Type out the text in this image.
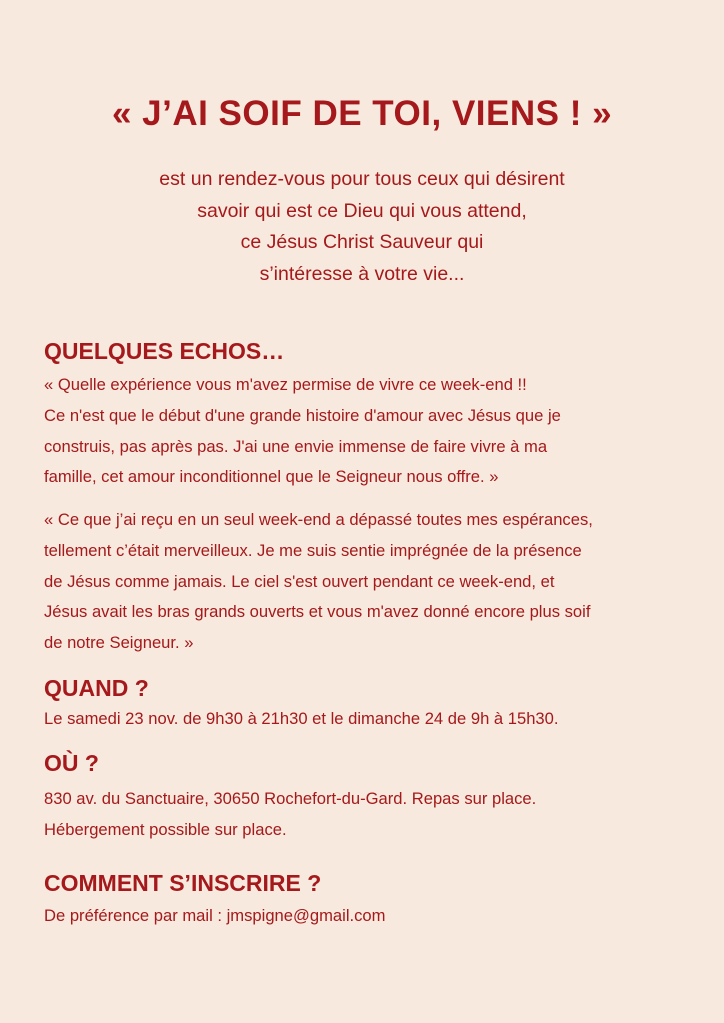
« J’AI SOIF DE TOI, VIENS ! »
est un rendez-vous pour tous ceux qui désirent
savoir qui est ce Dieu qui vous attend,
ce Jésus Christ Sauveur qui
s’intéresse à votre vie...
QUELQUES ECHOS…
« Quelle expérience vous m'avez permise de vivre ce week-end !!
Ce n'est que le début d'une grande histoire d'amour avec Jésus que je
construis, pas après pas. J'ai une envie immense de faire vivre à ma
famille, cet amour inconditionnel que le Seigneur nous offre. »
« Ce que j’ai reçu en un seul week-end a dépassé toutes mes espérances,
tellement c’était merveilleux. Je me suis sentie imprégnée de la présence
de Jésus comme jamais. Le ciel s'est ouvert pendant ce week-end, et
Jésus avait les bras grands ouverts et vous m'avez donné encore plus soif
de notre Seigneur. »
QUAND ?
Le samedi 23 nov. de 9h30 à 21h30 et le dimanche 24 de 9h à 15h30.
OÙ ?
830 av. du Sanctuaire, 30650 Rochefort-du-Gard. Repas sur place.
Hébergement possible sur place.
COMMENT S’INSCRIRE ?
De préférence par mail : jmspigne@gmail.com
